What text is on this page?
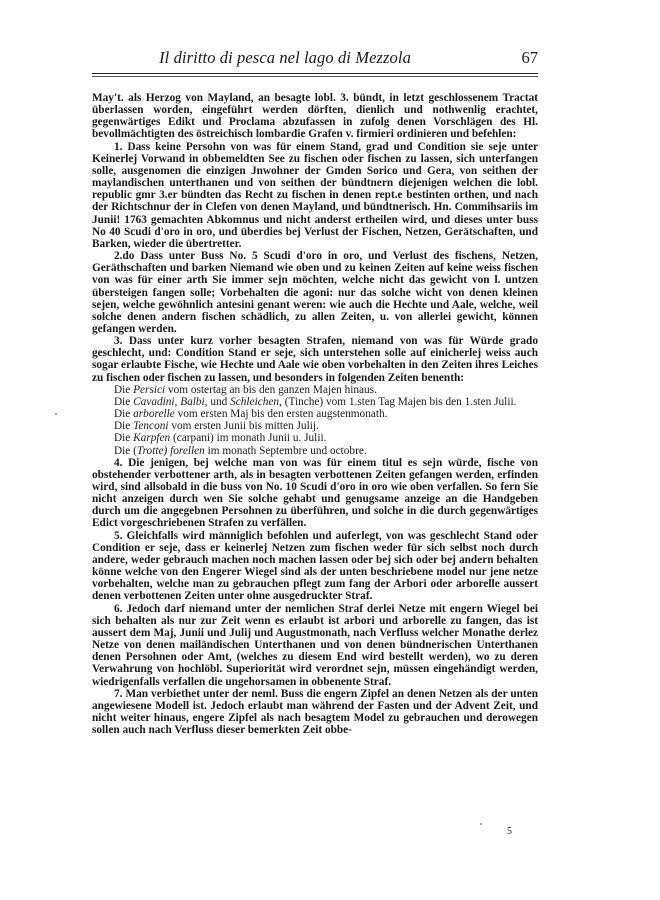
Il diritto di pesca nel lago di Mezzola	67

May't. als Herzog von Mayland, an besagte lobl. 3. bündt, in letzt geschlossenem Tractat überlassen worden, eingeführt werden dörften, dienlich und nothwenlig erachtet, gegenwärtiges Edikt und Proclama abzufassen in zufolg denen Vorschlägen des Hl. bevollmächtigten des östreichisch lombardie Grafen v. firmieri ordinieren und befehlen:

1. Dass keine Persohn von was für einem Stand, grad und Condition sie seje unter Keinerlej Vorwand in obbemeldten See zu fischen oder fischen zu lassen, sich unterfangen solle, ausgenomen die einzigen Jnwohner der Gmden Sorico und Gera, von seithen der maylandischen unterthanen und von seithen der bündtnern diejenigen welchen die lobl. republic gmr 3.er bündten das Recht zu fischen in denen rept.e bestinten orthen, und nach der Richtschnur der in Clefen von denen Mayland, und bündtnerisch. Hn. Commihsariis im Junii! 1763 gemachten Abkomnus und nicht anderst ertheilen wird, und dieses unter buss No 40 Scudi d'oro in oro, und überdies bej Verlust der Fischen, Netzen, Gerätschaften, und Barken, wieder die übertretter.

2.do Dass unter Buss No. 5 Scudi d'oro in oro, und Verlust des fischens, Netzen, Geräthschaften und barken Niemand wie oben und zu keinen Zeiten auf keine weiss fischen von was für einer arth Sie immer sejn möchten, welche nicht das gewicht von l. untzen übersteigen fangen solle; Vorbehalten die agoni: nur das solche wicht von denen kleinen sejen, welche gewöhnlich antesini genant weren: wie auch die Hechte und Aale, welche, weil solche denen andern fischen schädlich, zu allen Zeiten, u. von allerlei gewicht, können gefangen werden.

3. Dass unter kurz vorher besagten Strafen, niemand von was für Würde grado geschlecht, und: Condition Stand er seje, sich unterstehen solle auf einicherlej weiss auch sogar erlaubte Fische, wie Hechte und Aale wie oben vorbehalten in den Zeiten ihres Leiches zu fischen oder fischen zu lassen, und besonders in folgenden Zeiten benenth:

Die Persici vom ostertag an bis den ganzen Majen hinaus.

Die Cavadini, Balbi, und Schleichen, (Tinche) vom 1.sten Tag Majen bis den 1.sten Julii.

Die arborelle vom ersten Maj bis den ersten augstenmonath.

Die Tenconi vom ersten Junii bis mitten Julij.

Die Karpfen (carpani) im monath Junii u. Julii.

Die (Trotte) forellen im monath Septembre und octobre.

4. Die jenigen, bej welche man von was für einem titul es sejn würde, fische von obstehender verbottener arth, als in besagten verbottenen Zeiten gefangen werden, erfinden wird, sind allsobald in die buss von No. 10 Scudi d'oro in oro wie oben verfallen. So fern Sie nicht anzeigen durch wen Sie solche gehabt und genugsame anzeige an die Handgeben durch um die angegebnen Persohnen zu überführen, und solche in die durch gegenwärtiges Edict vorgeschriebenen Strafen zu verfällen.

5. Gleichfalls wird männiglich befohlen und auferlegt, von was geschlecht Stand oder Condition er seje, dass er keinerlej Netzen zum fischen weder für sich selbst noch durch andere, weder gebrauch machen noch machen lassen oder bej sich oder bej andern behalten könne welche von den Engerer Wiegel sind als der unten beschriebene model nur jene netze vorbehalten, welche man zu gebrauchen pflegt zum fang der Arbori oder arborelle aussert denen verbottenen Zeiten unter ohne ausgedruckter Straf.

6. Jedoch darf niemand unter der nemlichen Straf derlei Netze mit engern Wiegel bei sich behalten als nur zur Zeit wenn es erlaubt ist arbori und arborelle zu fangen, das ist aussert dem Maj, Junii und Julij und Augustmonath, nach Verfluss welcher Monathe derlez Netze von denen mailändischen Unterthanen und von denen bündnerischen Unterthanen denen Persohnen oder Amt, (welches zu diesem End wird bestellt werden), wo zu deren Verwahrung von hochlöbl. Superiorität wird verordnet sejn, müssen eingehändigt werden, wiedrigenfalls verfallen die ungehorsamen in obbenente Straf.

7. Man verbiethet unter der neml. Buss die engern Zipfel an denen Netzen als der unten angewiesene Modell ist. Jedoch erlaubt man während der Fasten und der Advent Zeit, und nicht weiter hinaus, engere Zipfel als nach besagtem Model zu gebrauchen und derowegen sollen auch nach Verfluss dieser bemerkten Zeit obbe-

5
